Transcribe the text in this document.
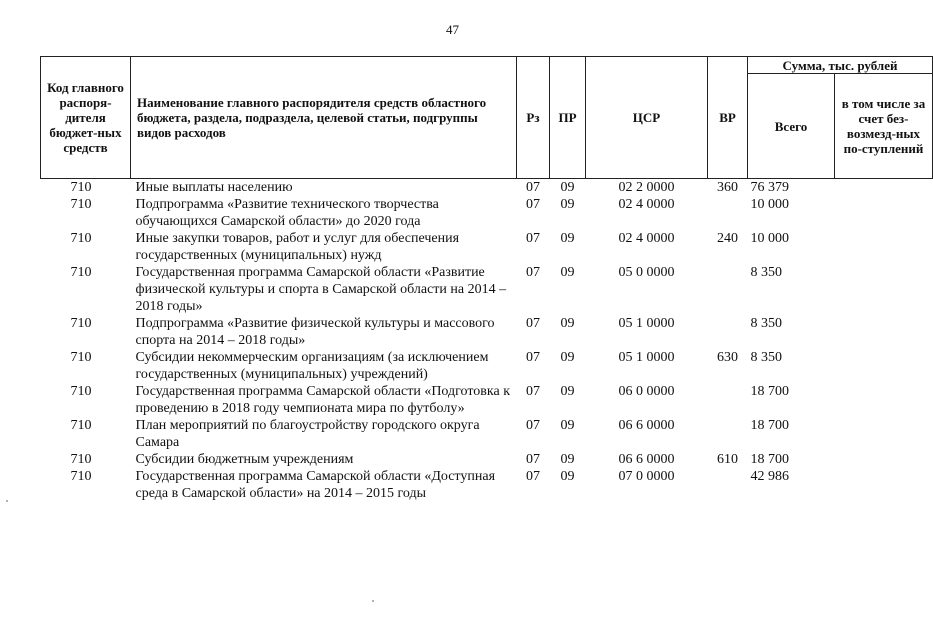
47
Код главного распоря-дителя бюджет-ных средств	Наименование главного распорядителя средств областного бюджета, раздела, подраздела, целевой статьи, подгруппы видов расходов	Рз	ПР	ЦСР	ВР	Сумма, тыс. рублей	
						Всего	в том числе за счет без-возмезд-ных по-ступлений
710	Иные выплаты населению	07	09	02 2 0000	360	76 379	
710	Подпрограмма «Развитие технического творчества обучающихся Самарской области» до 2020 года	07	09	02 4 0000		10 000	
710	Иные закупки товаров, работ и услуг для обеспечения государственных (муниципальных) нужд	07	09	02 4 0000	240	10 000	
710	Государственная программа Самарской области «Развитие физической культуры и спорта в Самарской области на 2014 – 2018 годы»	07	09	05 0 0000		8 350	
710	Подпрограмма «Развитие физической культуры и массового спорта на 2014 – 2018 годы»	07	09	05 1 0000		8 350	
710	Субсидии некоммерческим организациям (за исключением государственных (муниципальных) учреждений)	07	09	05 1 0000	630	8 350	
710	Государственная программа Самарской области «Подготовка к проведению в 2018 году чемпионата мира по футболу»	07	09	06 0 0000		18 700	
710	План мероприятий по благоустройству городского округа Самара	07	09	06 6 0000		18 700	
710	Субсидии бюджетным учреждениям	07	09	06 6 0000	610	18 700	
710	Государственная программа Самарской области «Доступная среда в Самарской области» на 2014 – 2015 годы	07	09	07 0 0000		42 986	
